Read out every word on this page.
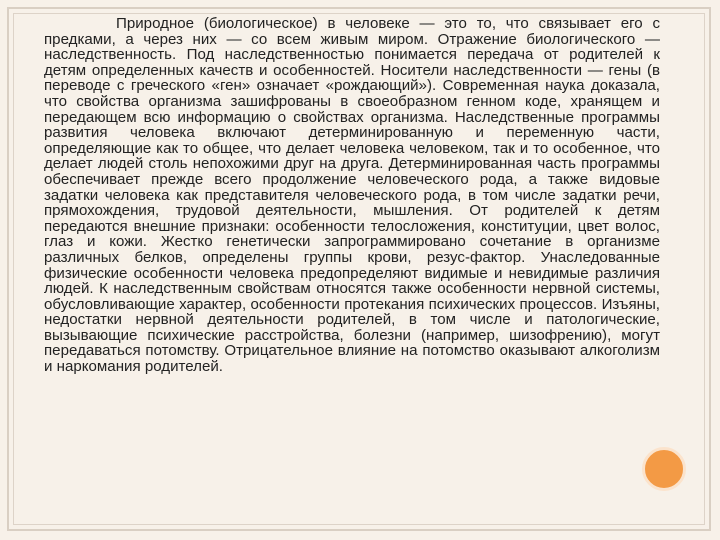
Природное (биологическое) в человеке — это то, что связывает его с предками, а через них — со всем живым миром. Отражение биологического — наследственность. Под наследственностью понимается передача от родителей к детям определенных качеств и особенностей. Носители наследственности — гены (в переводе с греческого «ген» означает «рождающий»). Современная наука доказала, что свойства организма зашифрованы в своеобразном генном коде, хранящем и передающем всю информацию о свойствах организма. Наследственные программы развития человека включают детерминированную и переменную части, определяющие как то общее, что делает человека человеком, так и то особенное, что делает людей столь непохожими друг на друга. Детерминированная часть программы обеспечивает прежде всего продолжение человеческого рода, а также видовые задатки человека как представителя человеческого рода, в том числе задатки речи, прямохождения, трудовой деятельности, мышления. От родителей к детям передаются внешние признаки: особенности телосложения, конституции, цвет волос, глаз и кожи. Жестко генетически запрограммировано сочетание в организме различных белков, определены группы крови, резус-фактор. Унаследованные физические особенности человека предопределяют видимые и невидимые различия людей. К наследственным свойствам относятся также особенности нервной системы, обусловливающие характер, особенности протекания психических процессов. Изъяны, недостатки нервной деятельности родителей, в том числе и патологические, вызывающие психические расстройства, болезни (например, шизофрению), могут передаваться потомству. Отрицательное влияние на потомство оказывают алкоголизм и наркомания родителей.
